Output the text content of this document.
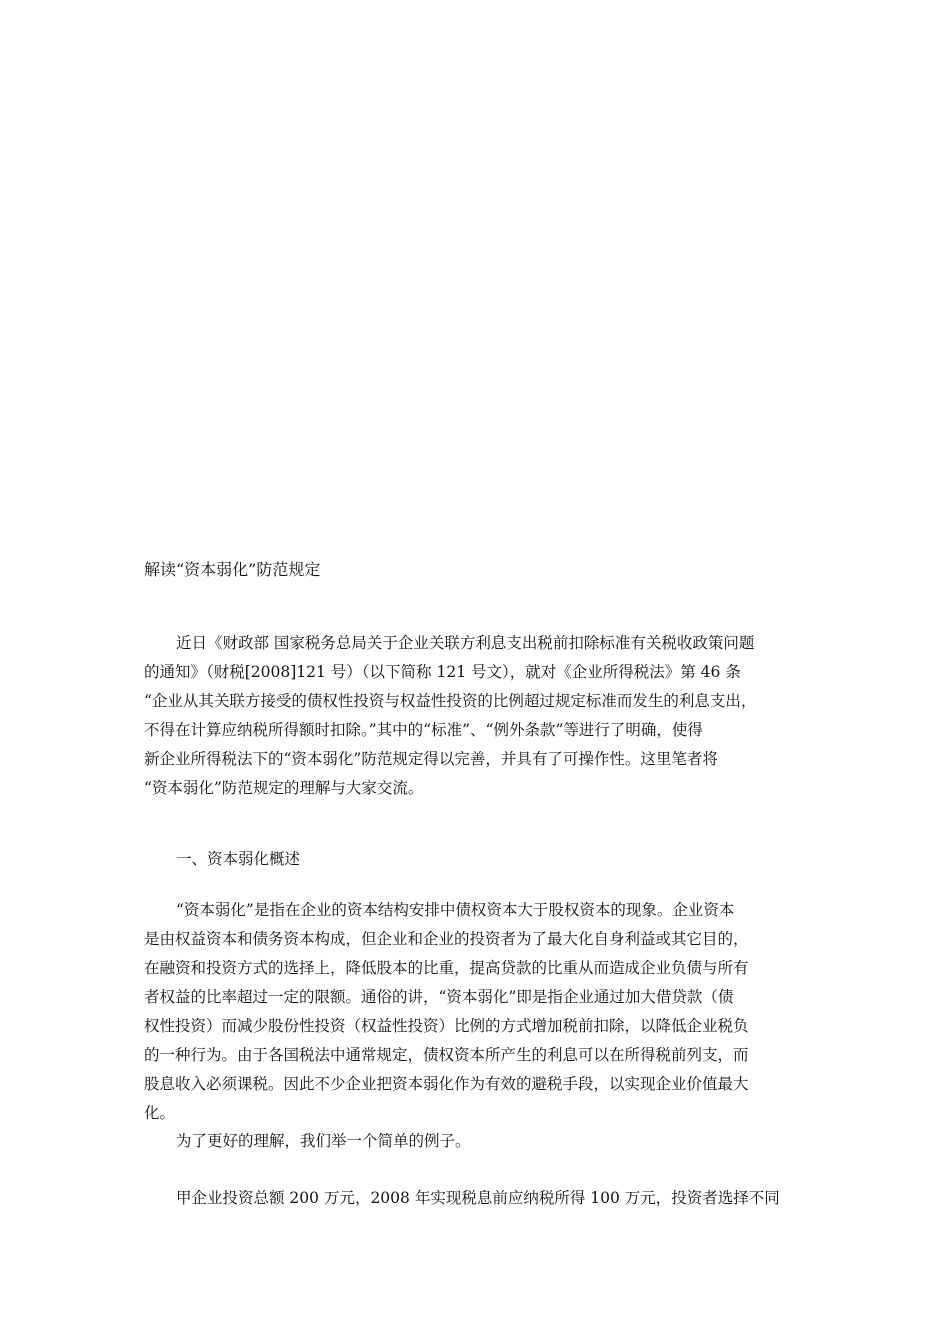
解读“资本弱化”防范规定

近日《财政部 国家税务总局关于企业关联方利息支出税前扣除标准有关税收政策问题
的通知》（财税[2008]121 号）（以下简称 121 号文），就对《企业所得税法》第 46 条
“企业从其关联方接受的债权性投资与权益性投资的比例超过规定标准而发生的利息支出，
不得在计算应纳税所得额时扣除。”其中的“标准”、“例外条款”等进行了明确，使得
新企业所得税法下的“资本弱化”防范规定得以完善，并具有了可操作性。这里笔者将
“资本弱化”防范规定的理解与大家交流。

一、资本弱化概述

“资本弱化”是指在企业的资本结构安排中债权资本大于股权资本的现象。企业资本
是由权益资本和债务资本构成，但企业和企业的投资者为了最大化自身利益或其它目的，
在融资和投资方式的选择上，降低股本的比重，提高贷款的比重从而造成企业负债与所有
者权益的比率超过一定的限额。通俗的讲，“资本弱化”即是指企业通过加大借贷款（债
权性投资）而减少股份性投资（权益性投资）比例的方式增加税前扣除，以降低企业税负
的一种行为。由于各国税法中通常规定，债权资本所产生的利息可以在所得税前列支，而
股息收入必须课税。因此不少企业把资本弱化作为有效的避税手段，以实现企业价值最大
化。

为了更好的理解，我们举一个简单的例子。

甲企业投资总额 200 万元，2008 年实现税息前应纳税所得 100 万元，投资者选择不同
